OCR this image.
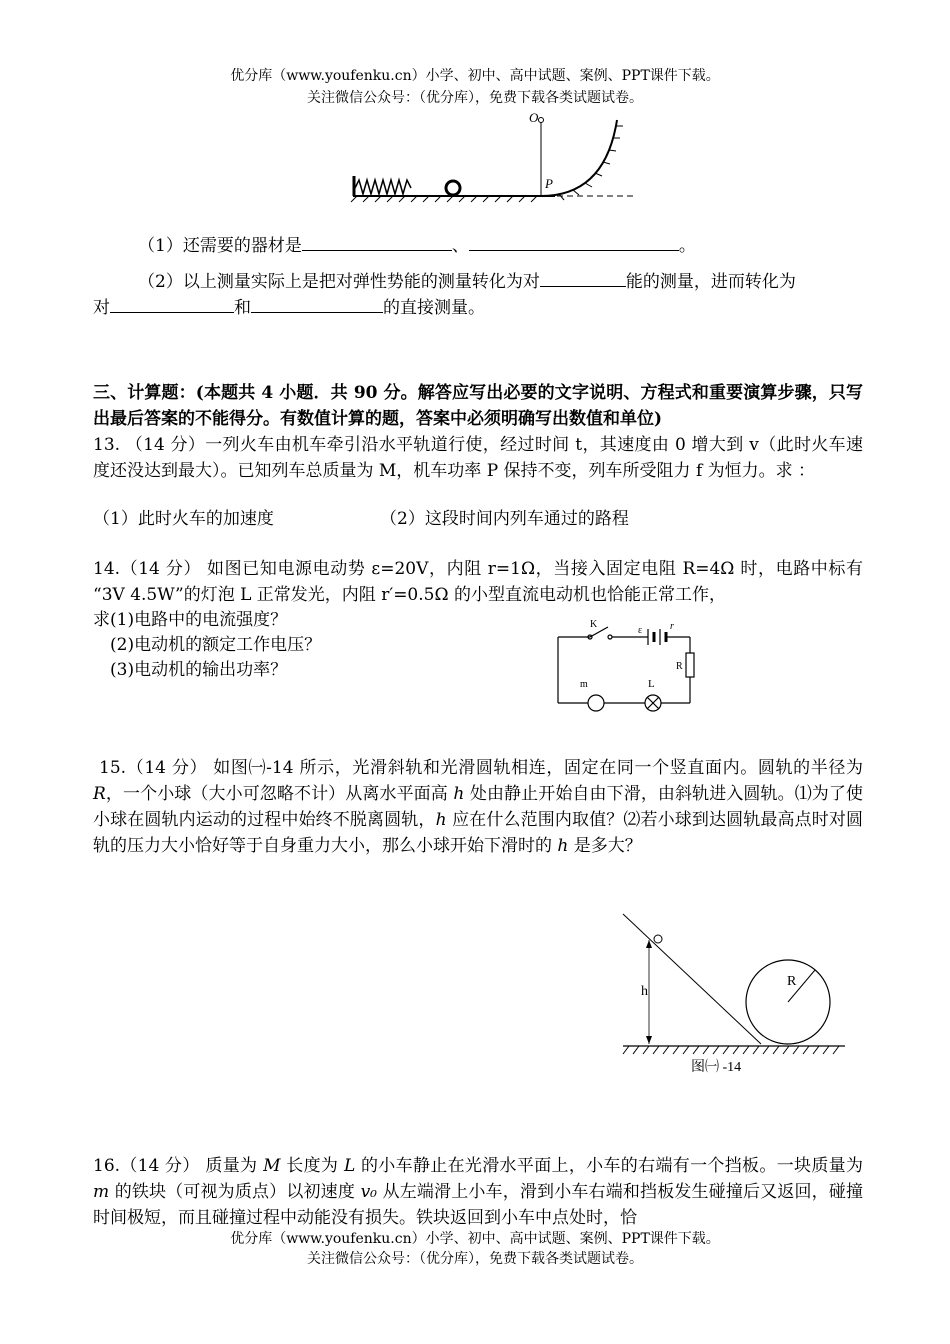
优分库（www.youfenku.cn）小学、初中、高中试题、案例、PPT课件下载。
关注微信公众号：（优分库），免费下载各类试题试卷。
O
P
（1）还需要的器材是	、	。
（2）以上测量实际上是把对弹性势能的测量转化为对	能的测量，进而转化为
对	和	的直接测量。
三、计算题：(本题共 4 小题．共 90 分。解答应写出必要的文字说明、方程式和重要演算步骤，只写出最后答案的不能得分。有数值计算的题，答案中必须明确写出数值和单位)
13. （14 分）一列火车由机车牵引沿水平轨道行使，经过时间 t，其速度由 0 增大到 v（此时火车速度还没达到最大）。已知列车总质量为 M，机车功率 P 保持不变，列车所受阻力 f 为恒力。求 ：
（1）此时火车的加速度	（2）这段时间内列车通过的路程
14.（14 分） 如图已知电源电动势 ε=20V，内阻 r=1Ω，当接入固定电阻 R=4Ω 时，电路中标有 “3V 4.5W”的灯泡 L 正常发光，内阻 r′=0.5Ω 的小型直流电动机也恰能正常工作，
求(1)电路中的电流强度？
(2)电动机的额定工作电压？
(3)电动机的输出功率？
K
ε	r
R
m	L
15.（14 分） 如图㈠-14 所示，光滑斜轨和光滑圆轨相连，固定在同一个竖直面内。圆轨的半径为 R，一个小球（大小可忽略不计）从离水平面高 h 处由静止开始自由下滑，由斜轨进入圆轨。⑴为了使小球在圆轨内运动的过程中始终不脱离圆轨，h 应在什么范围内取值？⑵若小球到达圆轨最高点时对圆轨的压力大小恰好等于自身重力大小，那么小球开始下滑时的 h 是多大？
h
R
图㈠ -14
16.（14 分） 质量为 M 长度为 L 的小车静止在光滑水平面上，小车的右端有一个挡板。一块质量为 m 的铁块（可视为质点）以初速度 v₀ 从左端滑上小车，滑到小车右端和挡板发生碰撞后又返回，碰撞时间极短，而且碰撞过程中动能没有损失。铁块返回到小车中点处时，恰
优分库（www.youfenku.cn）小学、初中、高中试题、案例、PPT课件下载。
关注微信公众号：（优分库），免费下载各类试题试卷。
